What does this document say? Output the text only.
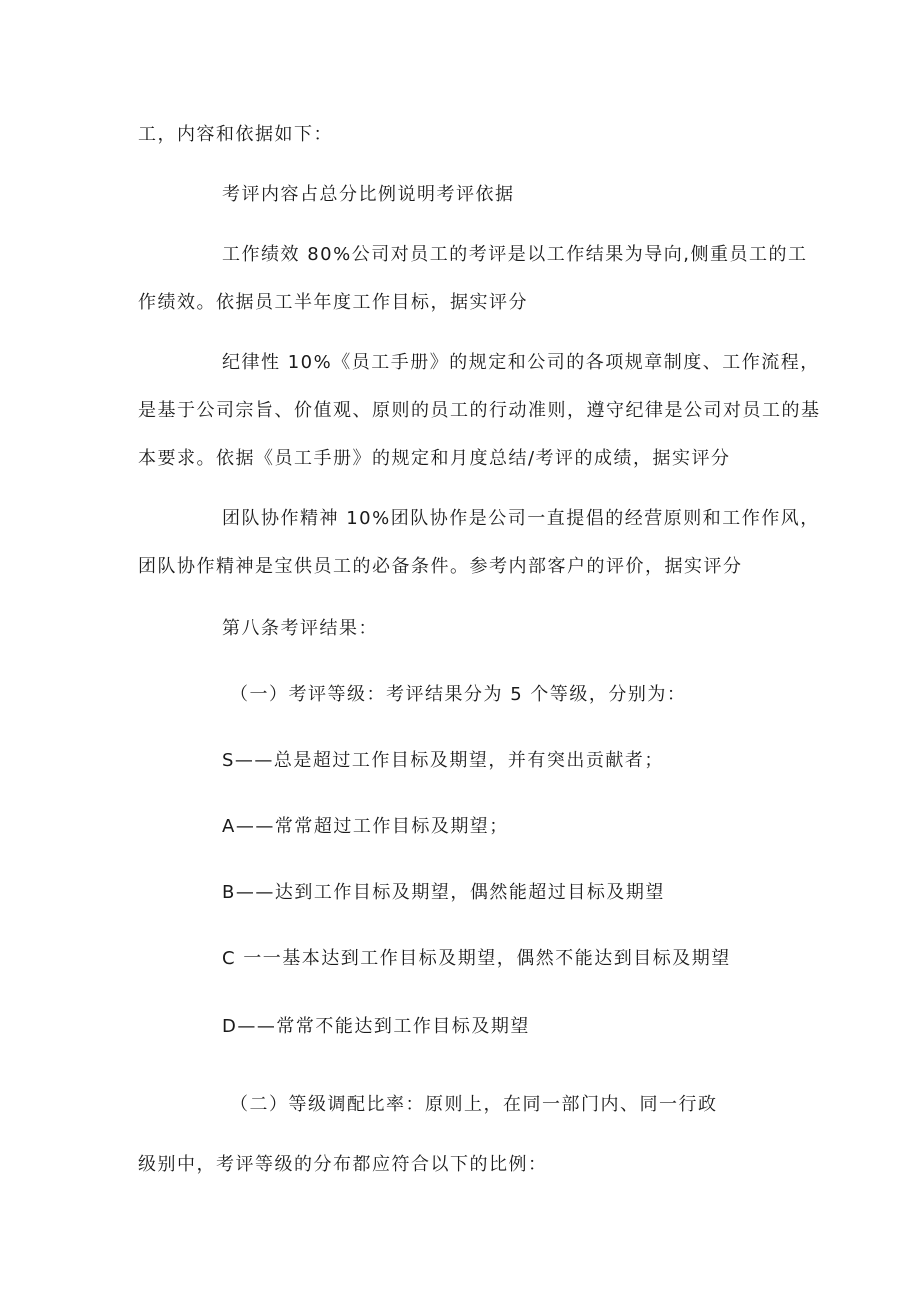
工，内容和依据如下：
考评内容占总分比例说明考评依据
工作绩效 80%公司对员工的考评是以工作结果为导向,侧重员工的工
作绩效。依据员工半年度工作目标，据实评分
纪律性 10%《员工手册》的规定和公司的各项规章制度、工作流程，
是基于公司宗旨、价值观、原则的员工的行动准则，遵守纪律是公司对员工的基
本要求。依据《员工手册》的规定和月度总结/考评的成绩，据实评分
团队协作精神 10%团队协作是公司一直提倡的经营原则和工作作风，
团队协作精神是宝供员工的必备条件。参考内部客户的评价，据实评分
第八条考评结果：
（一）考评等级：考评结果分为 5 个等级，分别为：
S——总是超过工作目标及期望，并有突出贡献者；
A——常常超过工作目标及期望；
B——达到工作目标及期望，偶然能超过目标及期望
C 一一基本达到工作目标及期望，偶然不能达到目标及期望
D——常常不能达到工作目标及期望
（二）等级调配比率：原则上，在同一部门内、同一行政
级别中，考评等级的分布都应符合以下的比例：
